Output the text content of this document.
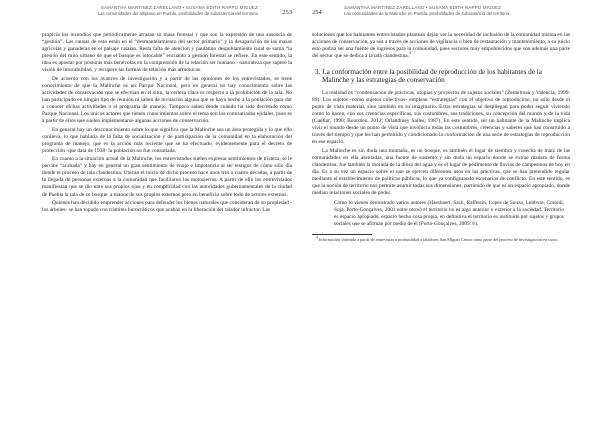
SAMANTHA MARTINEZ ZARELLANO • SUSANA EDITH RAPPO MIGUEZ
Las comunidades del altiplano en Puebla, posibilidades de subsistencia del territorio	253

propicia los incendios que periódicamente arrasan su masa forestal y que son la expresión de una ausencia de “gestión”. Las causas de esto están en el “desmantelamiento del sector primario” y la desaparición de las masas agrícolas y ganaderas en el paisaje catalán. Resta falta de atención y paulatino despoblamiento rural se suma “la presión del mito urbano de que el bosque es intocable” encuanto a gestión forestal se refiere. En este sentido, la idea es apostar por posturas más benévolas en la comprensión de la relación ser humano - naturaleza que supere la visión de intocabilidad, y recupere las formas de relación más armónicas.

De acuerdo con los avances de investigación y a partir de las opiniones de los entrevistados, se tiene conocimiento de que la Malinche es un Parque Nacional, pero en general no hay conocimiento sobre las actividades de conservación que se efectúan en el sitio, la certeza clara es respecto a la prohibición de la tala. No han participado en ningún tipo de reunión ni saben de invitación alguna que se haya hecho a la población para dar a conocer dichas actividades o el programa de manejo. Tampoco saben desde cuándo ha sido decretado como Parque Nacional. Los únicos actores que tienen conocimientos sobre el tema son los comisariados ejidales, pues es a partir de ellos que suelen implementarse algunas acciones de conservación.

En general hay un desconocimiento sobre lo que significa que la Malinche sea un área protegida y lo que ello conlleva, lo que hablaría de la falta de socialización y de participación de la comunidad en la elaboración del programa de manejo, que es la acción más reciente que se ha efectuado, evidentemente para el decreto de protección -que data de 1938- la población no fue consultada.

En cuanto a la situación actual de la Malinche, los entrevistados suelen expresar sentimientos de tristeza, se le percibe “acabada” y hay en general un gran sentimiento de enojo e impotencia al ser testigos de cómo sólo día donde el proceso de tala clandestina. Ubican el inicio de dicho proceso hace unos tres o cuatro décadas, a partir de la llegada de personas externas a la comunidad que facilitaron las motosierras. A partir de ello los entrevistados manifiestan que se dio unte sus propios ojos y en complicidad con las autoridades gubernamentales de la ciudad de Puebla la tala de su bosque, a manos de sus propios externos pero en beneficio sobre todo de actores externos.

Quienes han decidido emprender acciones para defender los bienes naturales que consideran de su propiedad -los árboles- se han topado con trámites burocráticos que acaban en la liberación del talador infractor. Las

254
SAMANTHA MARTINEZ ZARELLANO • SUSANA EDITH RAPPO MIGUEZ
Las comunidades de la Malinche en Puebla, posibilidades de subsistencia del territorio

soluciones que los habitantes entrevistados plantean dejan ver la necesidad de inclusión de la comunidad misma en las acciones de conservación, ya sea a través de acciones de vigilancia o bien de restauración y mantenimiento, a su juicio esto podría ser una fuente de ingresos para la comunidad, pues sectores muy empobrecidos que son además una parte del sector que se dedica a la tala clandestina.$^4$

3. La conformación entre la posibilidad de reproducción de los habitantes de la Malinche y las estrategias de conservación

La realidad es “condensación de prácticas, utopías y proyectos de sujetos sociales” (Zemelman y Valencia, 1999: 89). Los sujetos -como sujetos colectivos- emplean “estrategias” con el objetivo de reproducirse, no sólo desde el punto de vista material, sino también en su imaginario. Estas estrategias se despliegan para poder seguir viviendo como lo hacen, con sus creencias específicas, sus costumbres, sus tradiciones, su concepción del mundo y de la vida (Cuéllar, 1990; Bourdieu, 2012; Orlandiney Salles, 1987). En este sentido, ser un habitante de la Malinche implica vivir el mundo desde un punto de vista que involucra todas las costumbres, creencias y saberes que han construido a través del tiempo y que les han permitido y condicionado la conformación de una serie de estrategias de reproducción en ese espacio.

La Malinche es sin duda una montaña, es un bosque, es también el lugar de siembra y cosecha de maíz de las comunidades en ella asentadas, una fuente de sustento y sin duda un espacio donde se extrae madera de forma clandestina, fue también la morada de la diosa del agua y es el lugar de pedimento de lluvias de campesinos de hoy en día. Es a su vez un espacio sobre el que se ejercen diferentes usos en las prácticas, que se han pretendido regular mediante el establecimiento de políticas públicas, lo que ya configurando escenarios de conflicto. En este sentido, es que la noción de territorio nos permite asumir todas sus dimensiones, partiendo de que es un espacio apropiado, donde median relaciones sociales de poder.

Como lo vienen demostrado varios autores (Haesbaert, Sack, Raffestin, Lopes de Souza, Leitbvre, Coronil, Soja, Porto-Gonçalves, 2001 entre otros) el territorio no es algo anterior o exterior a la sociedad. Territorio es espacio apropiado, espacio hecho cosa propia, en definitiva el territorio es instituido por sujetos y grupos sociales que se afirman por medio de él (Porto-Gonçalves, 2009: 6).

$^4$ Información obtenida a partir de entrevistas a profundidad a taladores San Miguel Canoa como parte del proceso de investigación en curso.
